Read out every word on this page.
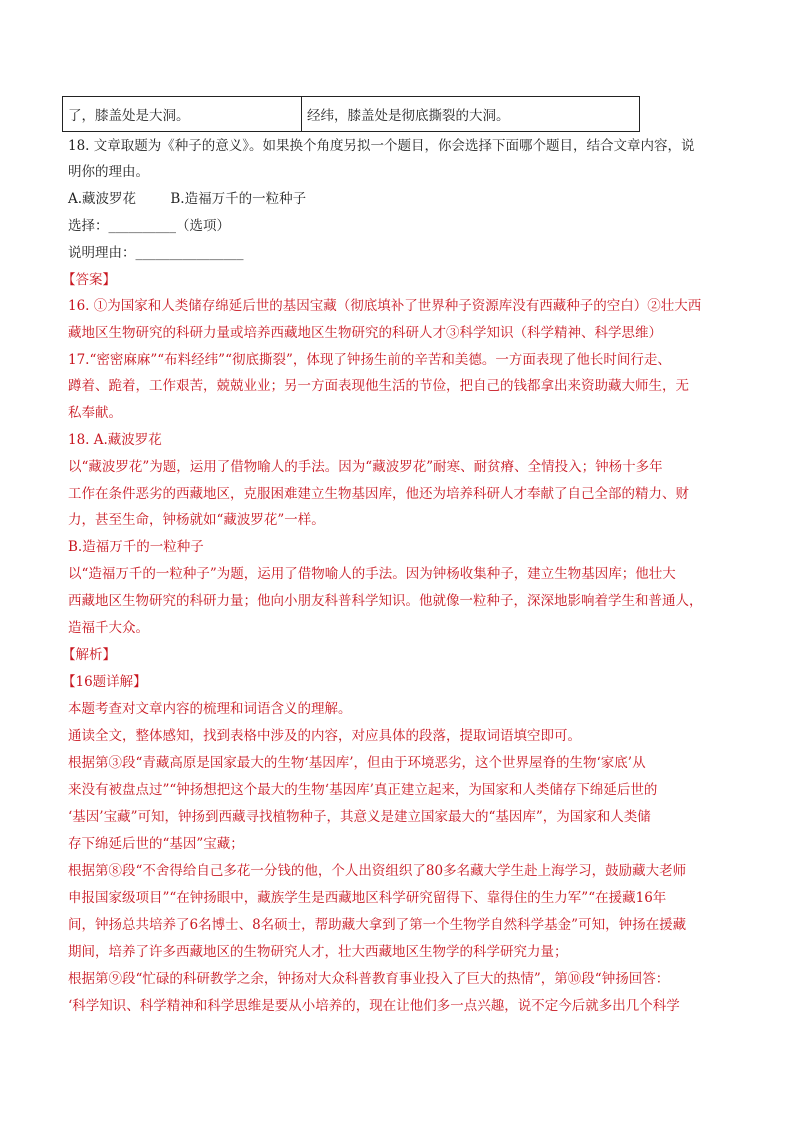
了，膝盖处是大洞。	经纬，膝盖处是彻底撕裂的大洞。
18. 文章取题为《种子的意义》。如果换个角度另拟一个题目，你会选择下面哪个题目，结合文章内容，说
明你的理由。
A.藏波罗花        B.造福万千的一粒种子
选择：__________（选项）
说明理由：________________
【答案】
16. ①为国家和人类储存绵延后世的基因宝藏（彻底填补了世界种子资源库没有西藏种子的空白）②壮大西
藏地区生物研究的科研力量或培养西藏地区生物研究的科研人才③科学知识（科学精神、科学思维）
17.“密密麻麻”“布料经纬”“彻底撕裂”，体现了钟扬生前的辛苦和美德。一方面表现了他长时间行走、
蹲着、跪着，工作艰苦，兢兢业业；另一方面表现他生活的节俭，把自己的钱都拿出来资助藏大师生，无
私奉献。
18. A.藏波罗花
以“藏波罗花”为题，运用了借物喻人的手法。因为“藏波罗花”耐寒、耐贫瘠、全情投入；钟杨十多年
工作在条件恶劣的西藏地区，克服困难建立生物基因库，他还为培养科研人才奉献了自己全部的精力、财
力，甚至生命，钟杨就如“藏波罗花”一样。
B.造福万千的一粒种子
以“造福万千的一粒种子”为题，运用了借物喻人的手法。因为钟杨收集种子，建立生物基因库；他壮大
西藏地区生物研究的科研力量；他向小朋友科普科学知识。他就像一粒种子，深深地影响着学生和普通人，
造福千大众。
【解析】
【16题详解】
本题考查对文章内容的梳理和词语含义的理解。
通读全文，整体感知，找到表格中涉及的内容，对应具体的段落，提取词语填空即可。
根据第③段“青藏高原是国家最大的生物‘基因库’，但由于环境恶劣，这个世界屋脊的生物‘家底’从
来没有被盘点过”“钟扬想把这个最大的生物‘基因库’真正建立起来，为国家和人类储存下绵延后世的
‘基因’宝藏”可知，钟扬到西藏寻找植物种子，其意义是建立国家最大的“基因库”，为国家和人类储
存下绵延后世的“基因”宝藏；
根据第⑧段“不舍得给自己多花一分钱的他，个人出资组织了80多名藏大学生赴上海学习，鼓励藏大老师
申报国家级项目”“在钟扬眼中，藏族学生是西藏地区科学研究留得下、靠得住的生力军”“在援藏16年
间，钟扬总共培养了6名博士、8名硕士，帮助藏大拿到了第一个生物学自然科学基金”可知，钟扬在援藏
期间，培养了许多西藏地区的生物研究人才，壮大西藏地区生物学的科学研究力量；
根据第⑨段“忙碌的科研教学之余，钟扬对大众科普教育事业投入了巨大的热情”，第⑩段“钟扬回答：
‘科学知识、科学精神和科学思维是要从小培养的，现在让他们多一点兴趣，说不定今后就多出几个科学
